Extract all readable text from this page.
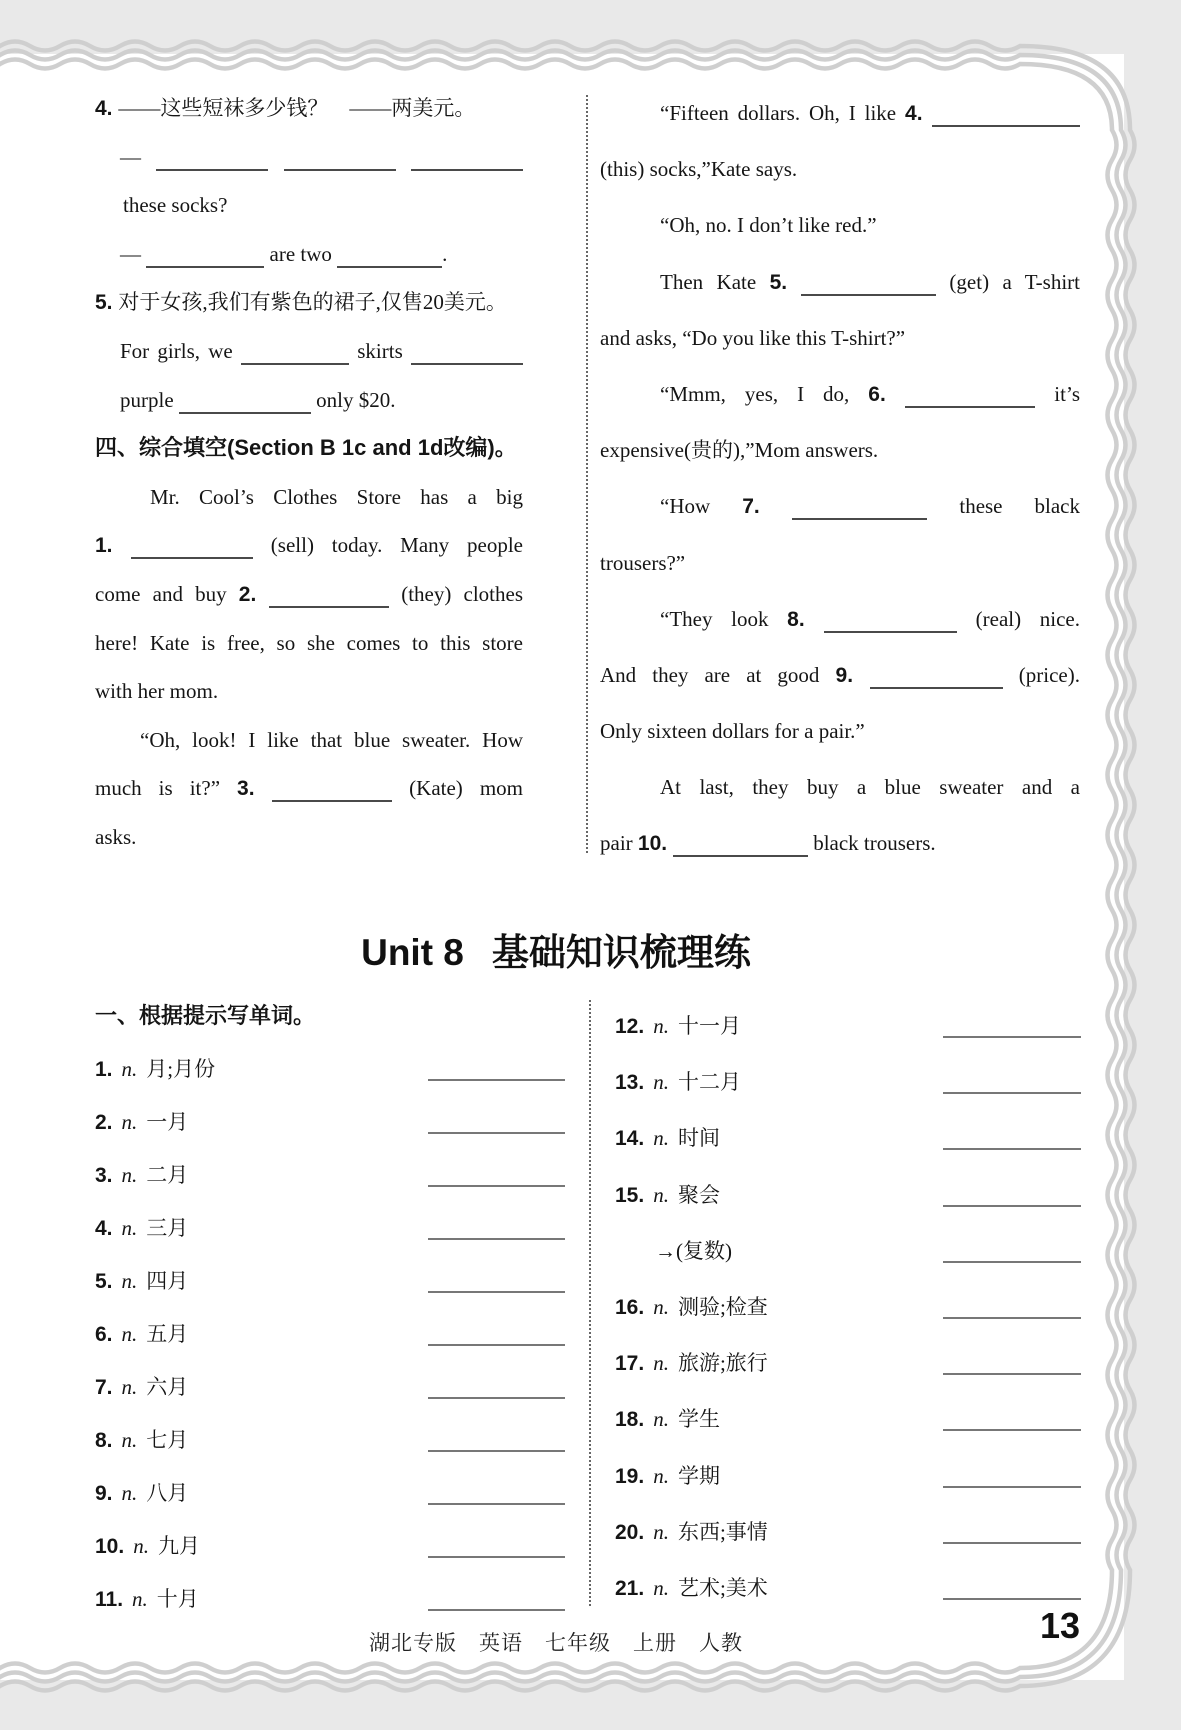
4. ——这些短袜多少钱？　——两美元。
—
these socks?
—	are two	.
5. 对于女孩,我们有紫色的裙子,仅售20美元。
For girls, we	skirts
purple	only $20.
四、综合填空(Section B 1c and 1d改编)。
Mr. Cool’s Clothes Store has a big
1.	(sell) today. Many people
come and buy 2.	(they) clothes
here! Kate is free, so she comes to this store
with her mom.
“Oh, look! I like that blue sweater. How
much is it?” 3.	(Kate) mom
asks.
“Fifteen dollars. Oh, I like 4.
(this) socks,”Kate says.
“Oh, no. I don’t like red.”
Then Kate 5.	(get) a T-shirt
and asks, “Do you like this T-shirt?”
“Mmm, yes, I do, 6.	it’s
expensive(贵的),”Mom answers.
“How 7.	these black
trousers?”
“They look 8.	(real) nice.
And they are at good 9.	(price).
Only sixteen dollars for a pair.”
At last, they buy a blue sweater and a
pair 10.	black trousers.
Unit 8 基础知识梳理练
一、根据提示写单词。
1. n. 月;月份
2. n. 一月
3. n. 二月
4. n. 三月
5. n. 四月
6. n. 五月
7. n. 六月
8. n. 七月
9. n. 八月
10. n. 九月
11. n. 十月
12. n. 十一月
13. n. 十二月
14. n. 时间
15. n. 聚会
→(复数)
16. n. 测验;检查
17. n. 旅游;旅行
18. n. 学生
19. n. 学期
20. n. 东西;事情
21. n. 艺术;美术
湖北专版　英语　七年级　上册　人教	13
